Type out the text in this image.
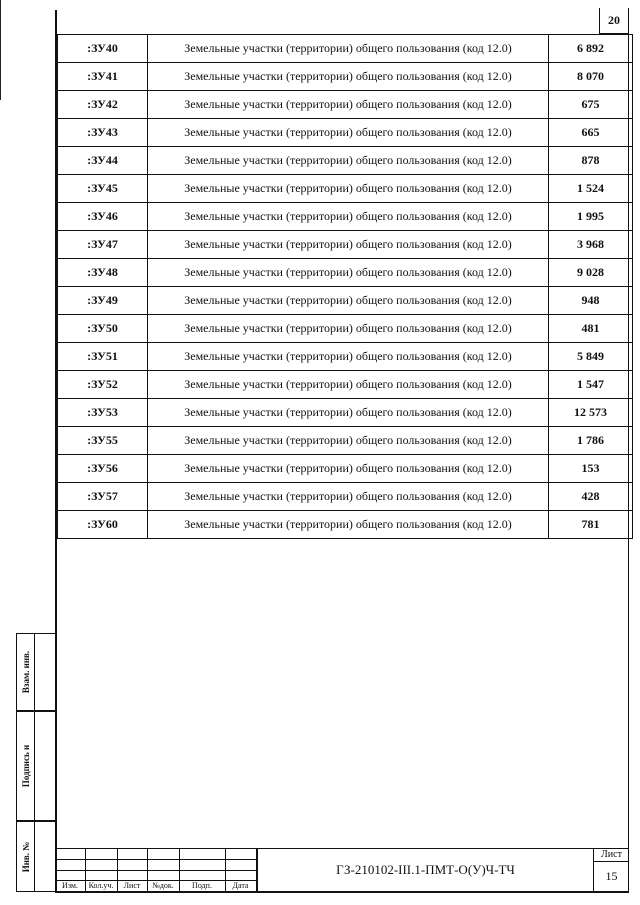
20
:ЗУ40	Земельные участки (территории) общего пользования (код 12.0)	6 892
:ЗУ41	Земельные участки (территории) общего пользования (код 12.0)	8 070
:ЗУ42	Земельные участки (территории) общего пользования (код 12.0)	675
:ЗУ43	Земельные участки (территории) общего пользования (код 12.0)	665
:ЗУ44	Земельные участки (территории) общего пользования (код 12.0)	878
:ЗУ45	Земельные участки (территории) общего пользования (код 12.0)	1 524
:ЗУ46	Земельные участки (территории) общего пользования (код 12.0)	1 995
:ЗУ47	Земельные участки (территории) общего пользования (код 12.0)	3 968
:ЗУ48	Земельные участки (территории) общего пользования (код 12.0)	9 028
:ЗУ49	Земельные участки (территории) общего пользования (код 12.0)	948
:ЗУ50	Земельные участки (территории) общего пользования (код 12.0)	481
:ЗУ51	Земельные участки (территории) общего пользования (код 12.0)	5 849
:ЗУ52	Земельные участки (территории) общего пользования (код 12.0)	1 547
:ЗУ53	Земельные участки (территории) общего пользования (код 12.0)	12 573
:ЗУ55	Земельные участки (территории) общего пользования (код 12.0)	1 786
:ЗУ56	Земельные участки (территории) общего пользования (код 12.0)	153
:ЗУ57	Земельные участки (территории) общего пользования (код 12.0)	428
:ЗУ60	Земельные участки (территории) общего пользования (код 12.0)	781
Взам. инв.
Подпись и
Инв. №
Изм.	Кол.уч.	Лист	№док.	Подп.	Дата
ГЗ-210102-III.1-ПМТ-О(У)Ч-ТЧ
Лист
15
